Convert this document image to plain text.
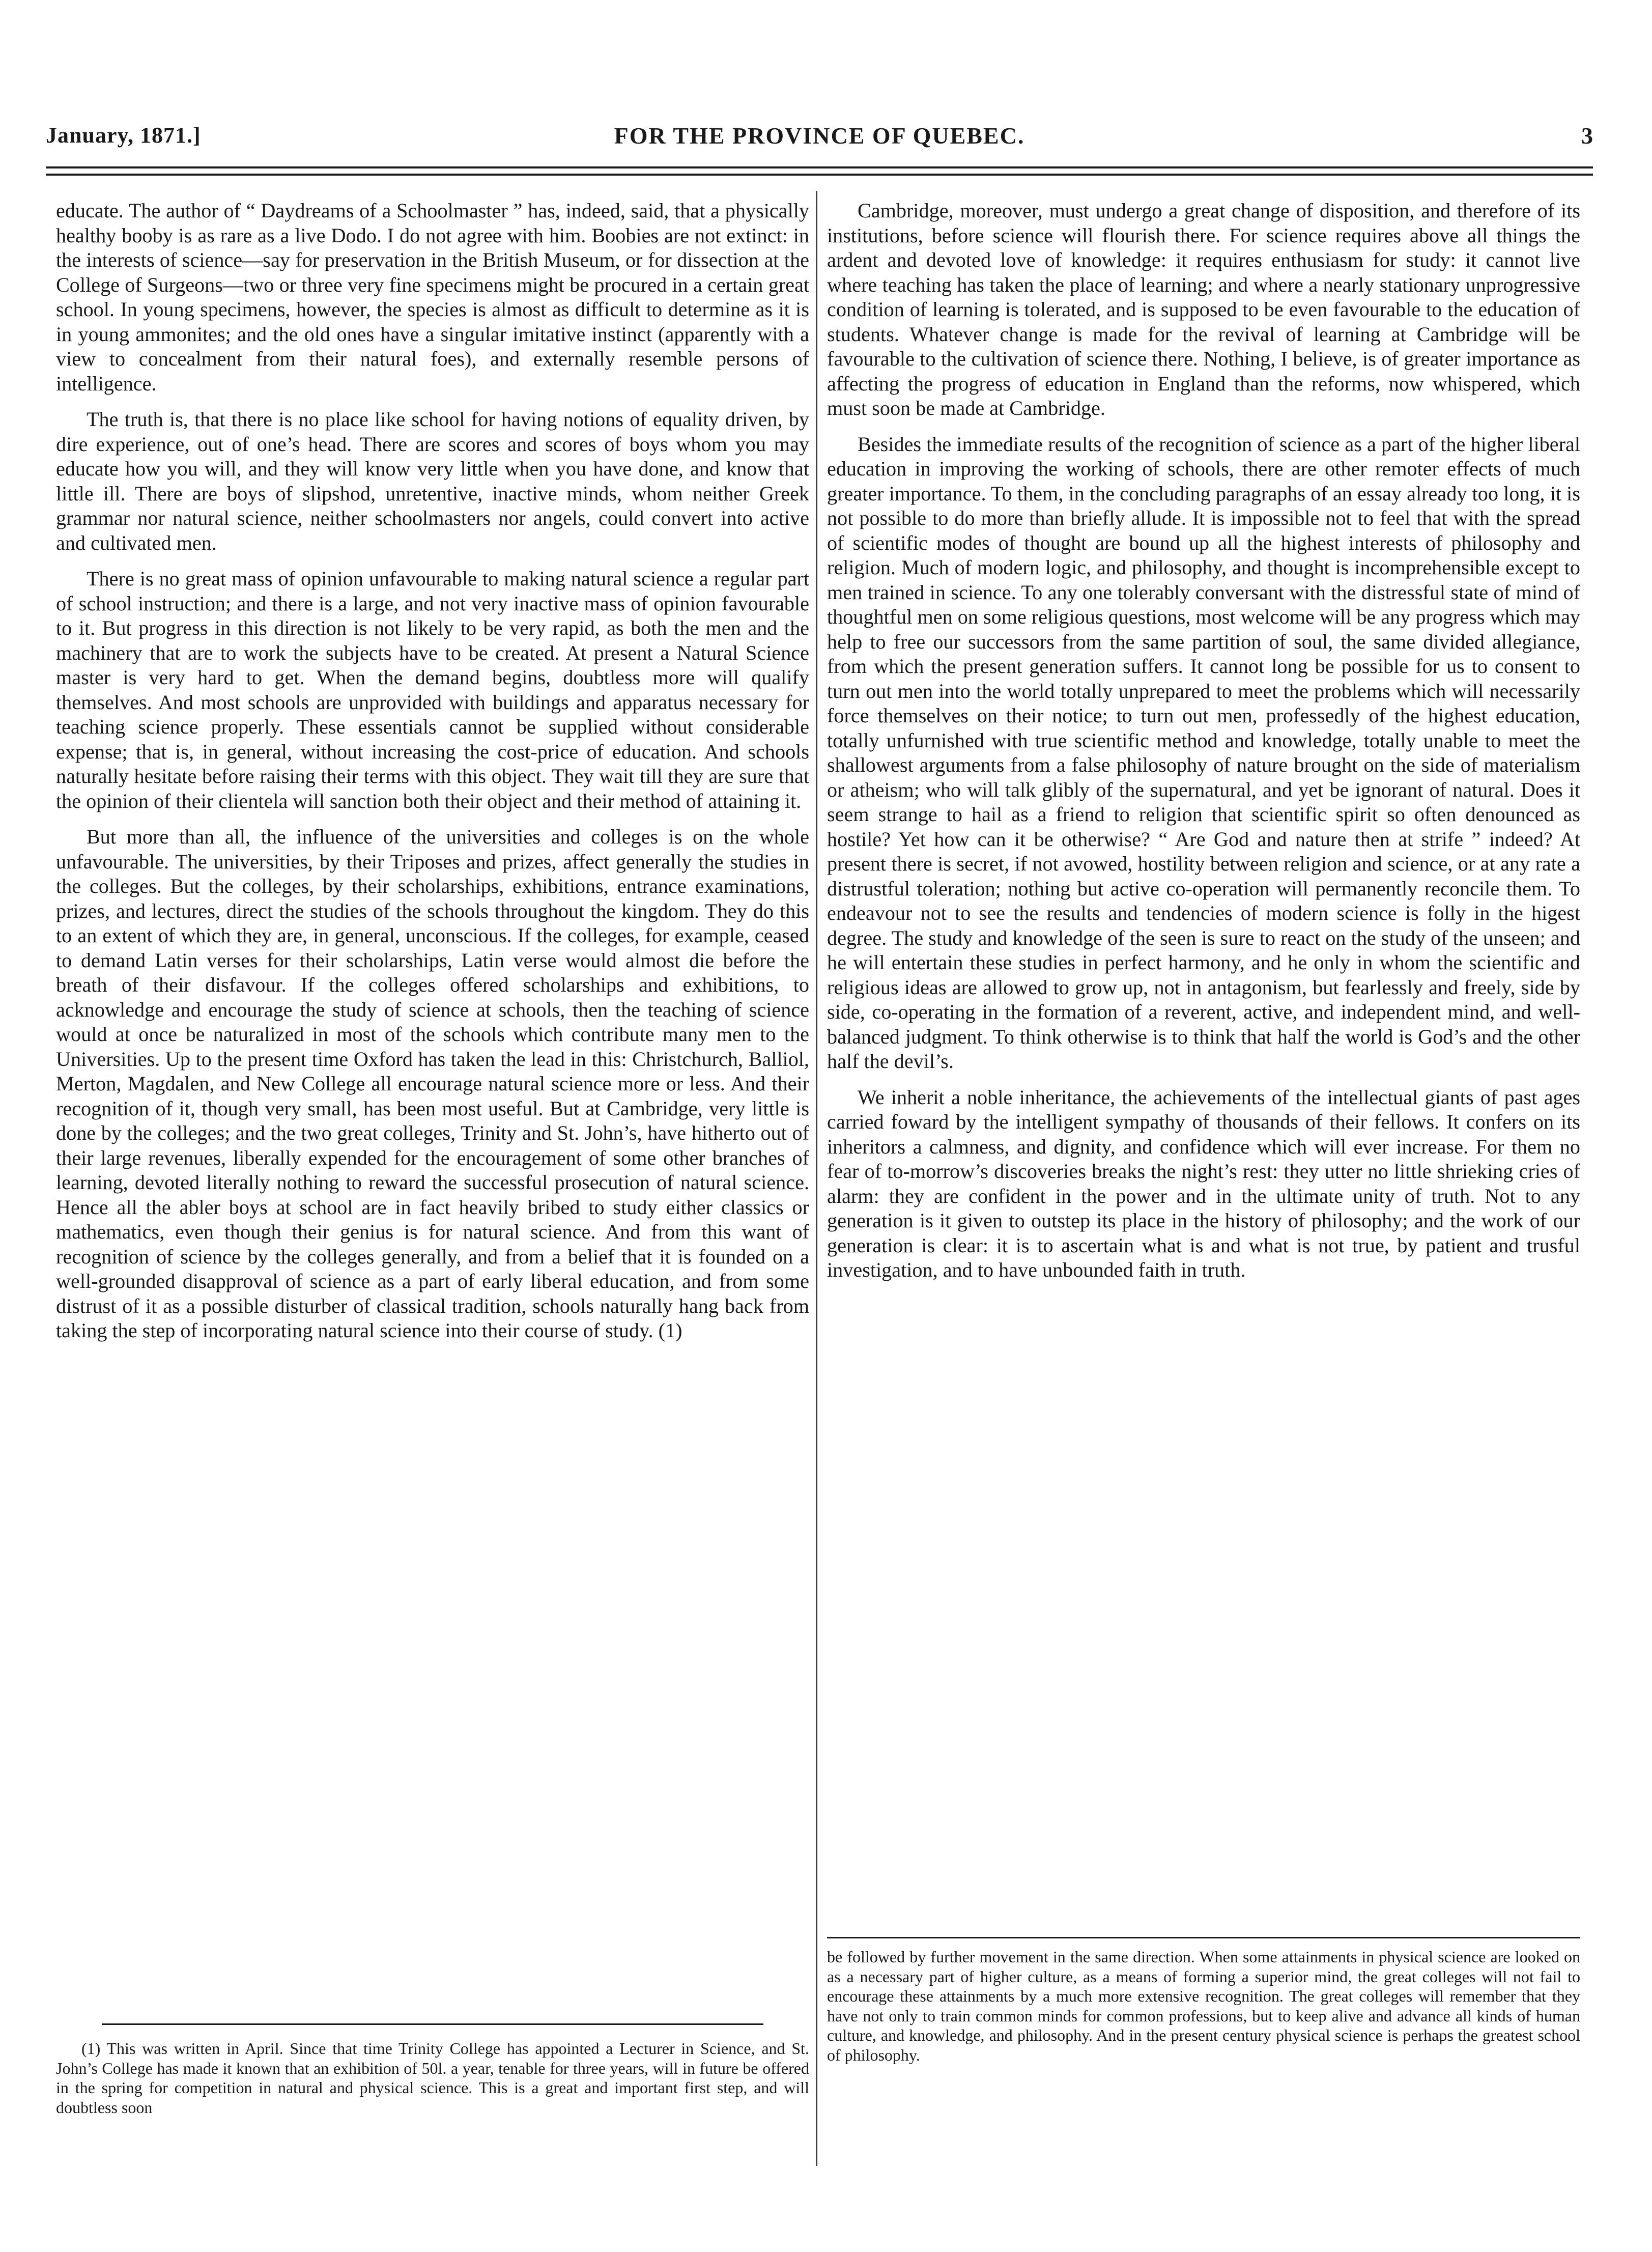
January, 1871.]	FOR THE PROVINCE OF QUEBEC.	3

educate. The author of “ Daydreams of a Schoolmaster ” has, indeed, said, that a physically healthy booby is as rare as a live Dodo. I do not agree with him. Boobies are not extinct: in the interests of science—say for preservation in the British Museum, or for dissection at the College of Surgeons—two or three very fine specimens might be procured in a certain great school. In young specimens, however, the species is almost as difficult to determine as it is in young ammonites; and the old ones have a singular imitative instinct (apparently with a view to concealment from their natural foes), and externally resemble persons of intelligence.

The truth is, that there is no place like school for having notions of equality driven, by dire experience, out of one’s head. There are scores and scores of boys whom you may educate how you will, and they will know very little when you have done, and know that little ill. There are boys of slipshod, unretentive, inactive minds, whom neither Greek grammar nor natural science, neither schoolmasters nor angels, could convert into active and cultivated men.

There is no great mass of opinion unfavourable to making natural science a regular part of school instruction; and there is a large, and not very inactive mass of opinion favourable to it. But progress in this direction is not likely to be very rapid, as both the men and the machinery that are to work the subjects have to be created. At present a Natural Science master is very hard to get. When the demand begins, doubtless more will qualify themselves. And most schools are unprovided with buildings and apparatus necessary for teaching science properly. These essentials cannot be supplied without considerable expense; that is, in general, without increasing the cost-price of education. And schools naturally hesitate before raising their terms with this object. They wait till they are sure that the opinion of their clientela will sanction both their object and their method of attaining it.

But more than all, the influence of the universities and colleges is on the whole unfavourable. The universities, by their Triposes and prizes, affect generally the studies in the colleges. But the colleges, by their scholarships, exhibitions, entrance examinations, prizes, and lectures, direct the studies of the schools throughout the kingdom. They do this to an extent of which they are, in general, unconscious. If the colleges, for example, ceased to demand Latin verses for their scholarships, Latin verse would almost die before the breath of their disfavour. If the colleges offered scholarships and exhibitions, to acknowledge and encourage the study of science at schools, then the teaching of science would at once be naturalized in most of the schools which contribute many men to the Universities. Up to the present time Oxford has taken the lead in this: Christchurch, Balliol, Merton, Magdalen, and New College all encourage natural science more or less. And their recognition of it, though very small, has been most useful. But at Cambridge, very little is done by the colleges; and the two great colleges, Trinity and St. John’s, have hitherto out of their large revenues, liberally expended for the encouragement of some other branches of learning, devoted literally nothing to reward the successful prosecution of natural science. Hence all the abler boys at school are in fact heavily bribed to study either classics or mathematics, even though their genius is for natural science. And from this want of recognition of science by the colleges generally, and from a belief that it is founded on a well-grounded disapproval of science as a part of early liberal education, and from some distrust of it as a possible disturber of classical tradition, schools naturally hang back from taking the step of incorporating natural science into their course of study. (1)

Cambridge, moreover, must undergo a great change of disposition, and therefore of its institutions, before science will flourish there. For science requires above all things the ardent and devoted love of knowledge: it requires enthusiasm for study: it cannot live where teaching has taken the place of learning; and where a nearly stationary unprogressive condition of learning is tolerated, and is supposed to be even favourable to the education of students. Whatever change is made for the revival of learning at Cambridge will be favourable to the cultivation of science there. Nothing, I believe, is of greater importance as affecting the progress of education in England than the reforms, now whispered, which must soon be made at Cambridge.

Besides the immediate results of the recognition of science as a part of the higher liberal education in improving the working of schools, there are other remoter effects of much greater importance. To them, in the concluding paragraphs of an essay already too long, it is not possible to do more than briefly allude. It is impossible not to feel that with the spread of scientific modes of thought are bound up all the highest interests of philosophy and religion. Much of modern logic, and philosophy, and thought is incomprehensible except to men trained in science. To any one tolerably conversant with the distressful state of mind of thoughtful men on some religious questions, most welcome will be any progress which may help to free our successors from the same partition of soul, the same divided allegiance, from which the present generation suffers. It cannot long be possible for us to consent to turn out men into the world totally unprepared to meet the problems which will necessarily force themselves on their notice; to turn out men, professedly of the highest education, totally unfurnished with true scientific method and knowledge, totally unable to meet the shallowest arguments from a false philosophy of nature brought on the side of materialism or atheism; who will talk glibly of the supernatural, and yet be ignorant of natural. Does it seem strange to hail as a friend to religion that scientific spirit so often denounced as hostile? Yet how can it be otherwise? “ Are God and nature then at strife ” indeed? At present there is secret, if not avowed, hostility between religion and science, or at any rate a distrustful toleration; nothing but active co-operation will permanently reconcile them. To endeavour not to see the results and tendencies of modern science is folly in the higest degree. The study and knowledge of the seen is sure to react on the study of the unseen; and he will entertain these studies in perfect harmony, and he only in whom the scientific and religious ideas are allowed to grow up, not in antagonism, but fearlessly and freely, side by side, co-operating in the formation of a reverent, active, and independent mind, and well-balanced judgment. To think otherwise is to think that half the world is God’s and the other half the devil’s.

We inherit a noble inheritance, the achievements of the intellectual giants of past ages carried foward by the intelligent sympathy of thousands of their fellows. It confers on its inheritors a calmness, and dignity, and confidence which will ever increase. For them no fear of to-morrow’s discoveries breaks the night’s rest: they utter no little shrieking cries of alarm: they are confident in the power and in the ultimate unity of truth. Not to any generation is it given to outstep its place in the history of philosophy; and the work of our generation is clear: it is to ascertain what is and what is not true, by patient and trusful investigation, and to have unbounded faith in truth.

(1) This was written in April. Since that time Trinity College has appointed a Lecturer in Science, and St. John’s College has made it known that an exhibition of 50l. a year, tenable for three years, will in future be offered in the spring for competition in natural and physical science. This is a great and important first step, and will doubtless soon

be followed by further movement in the same direction. When some attainments in physical science are looked on as a necessary part of higher culture, as a means of forming a superior mind, the great colleges will not fail to encourage these attainments by a much more extensive recognition. The great colleges will remember that they have not only to train common minds for common professions, but to keep alive and advance all kinds of human culture, and knowledge, and philosophy. And in the present century physical science is perhaps the greatest school of philosophy.
